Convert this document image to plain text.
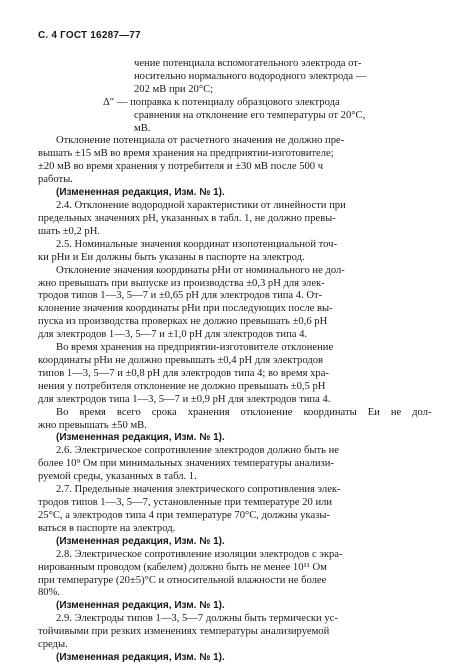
С. 4 ГОСТ 16287—77
чение потенциала вспомогательного электрода от-
носительно нормального водородного электрода —
202 мВ при 20°С;
Δ″ — поправка к потенциалу образцового электрода
сравнения на отклонение его температуры от 20°С,
мВ.
Отклонение потенциала от расчетного значения не должно пре-
вышать ±15 мВ во время хранения на предприятии-изготовителе;
±20 мВ во время хранения у потребителя и ±30 мВ после 500 ч
работы.
(Измененная редакция, Изм. № 1).
2.4. Отклонение водородной характеристики от линейности при
предельных значениях pH, указанных в табл. 1, не должно превы-
шать ±0,2 pH.
2.5. Номинальные значения координат изопотенциальной точ-
ки pHи и Eи должны быть указаны в паспорте на электрод.
Отклонение значения координаты pHи от номинального не дол-
жно превышать при выпуске из производства ±0,3 pH для элек-
тродов типов 1—3, 5—7 и ±0,65 pH для электродов типа 4. От-
клонение значения координаты pHи при последующих после вы-
пуска из производства проверках не должно превышать ±0,6 pH
для электродов 1—3, 5—7 и ±1,0 pH для электродов типа 4.
Во время хранения на предприятии-изготовителе отклонение
координаты pHи не должно превышать ±0,4 pH для электродов
типов 1—3, 5—7 и ±0,8 pH для электродов типа 4; во время хра-
нения у потребителя отклонение не должно превышать ±0,5 pH
для электродов типа 1—3, 5—7 и ±0,9 pH для электродов типа 4.
Во время всего срока хранения отклонение координаты Eи не дол-
жно превышать ±50 мВ.
(Измененная редакция, Изм. № 1).
2.6. Электрическое сопротивление электродов должно быть не
более 10⁹ Ом при минимальных значениях температуры анализи-
руемой среды, указанных в табл. 1.
2.7. Предельные значения электрического сопротивления элек-
тродов типов 1—3, 5—7, установленные при температуре 20 или
25°С, а электродов типа 4 при температуре 70°С, должны указы-
ваться в паспорте на электрод.
(Измененная редакция, Изм. № 1).
2.8. Электрическое сопротивление изоляции электродов с экра-
нированным проводом (кабелем) должно быть не менее 10¹¹ Ом
при температуре (20±5)°С и относительной влажности не более
80%.
(Измененная редакция, Изм. № 1).
2.9. Электроды типов 1—3, 5—7 должны быть термически ус-
тойчивыми при резких изменениях температуры анализируемой
среды.
(Измененная редакция, Изм. № 1).
